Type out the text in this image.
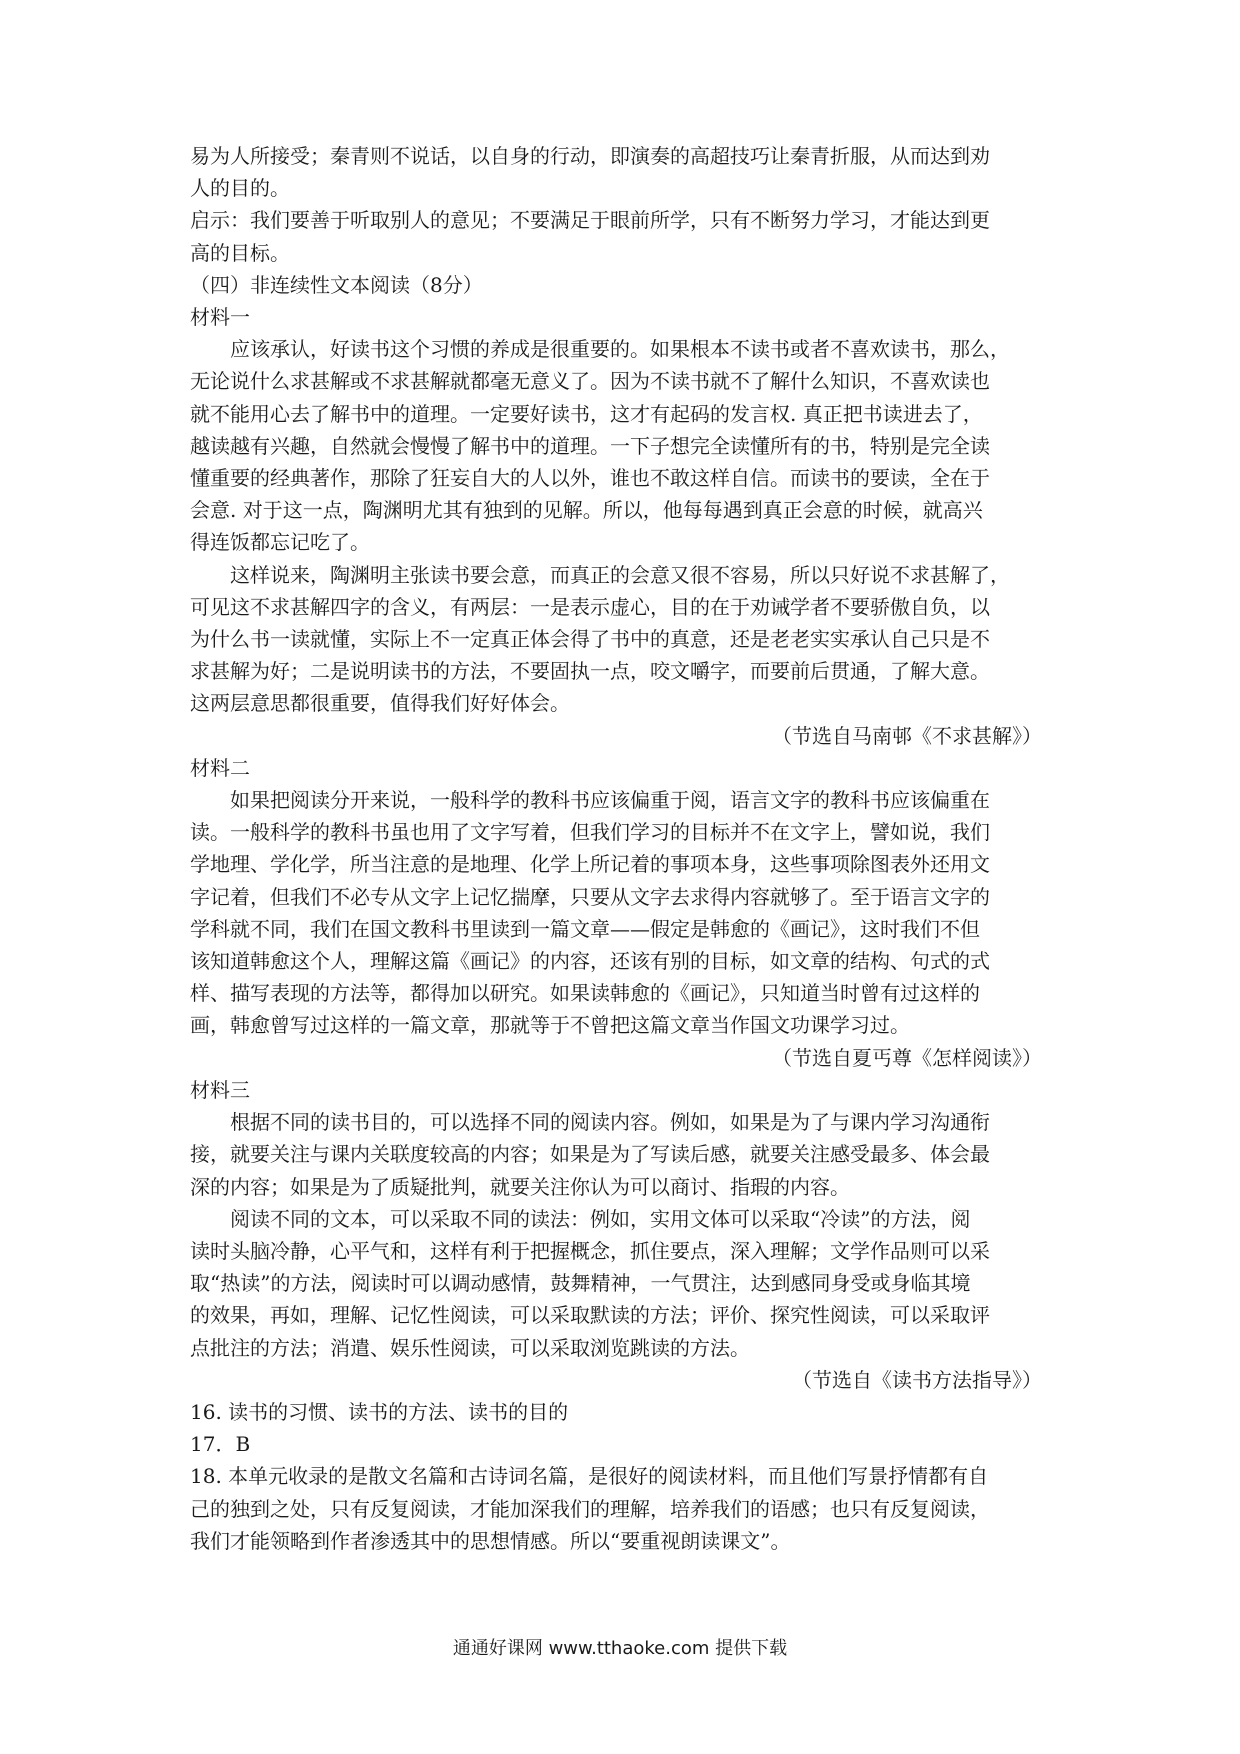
易为人所接受；秦青则不说话，以自身的行动，即演奏的高超技巧让秦青折服，从而达到劝

人的目的。

启示：我们要善于听取别人的意见；不要满足于眼前所学，只有不断努力学习，才能达到更

高的目标。

（四）非连续性文本阅读（8分）

材料一

应该承认，好读书这个习惯的养成是很重要的。如果根本不读书或者不喜欢读书，那么，

无论说什么求甚解或不求甚解就都毫无意义了。因为不读书就不了解什么知识，不喜欢读也

就不能用心去了解书中的道理。一定要好读书，这才有起码的发言权. 真正把书读进去了，

越读越有兴趣，自然就会慢慢了解书中的道理。一下子想完全读懂所有的书，特别是完全读

懂重要的经典著作，那除了狂妄自大的人以外，谁也不敢这样自信。而读书的要读，全在于

会意. 对于这一点，陶渊明尤其有独到的见解。所以，他每每遇到真正会意的时候，就高兴

得连饭都忘记吃了。

这样说来，陶渊明主张读书要会意，而真正的会意又很不容易，所以只好说不求甚解了，

可见这不求甚解四字的含义，有两层：一是表示虚心，目的在于劝诫学者不要骄傲自负，以

为什么书一读就懂，实际上不一定真正体会得了书中的真意，还是老老实实承认自己只是不

求甚解为好；二是说明读书的方法，不要固执一点，咬文嚼字，而要前后贯通，了解大意。

这两层意思都很重要，值得我们好好体会。

（节选自马南邨《不求甚解》）

材料二

如果把阅读分开来说，一般科学的教科书应该偏重于阅，语言文字的教科书应该偏重在

读。一般科学的教科书虽也用了文字写着，但我们学习的目标并不在文字上，譬如说，我们

学地理、学化学，所当注意的是地理、化学上所记着的事项本身，这些事项除图表外还用文

字记着，但我们不必专从文字上记忆揣摩，只要从文字去求得内容就够了。至于语言文字的

学科就不同，我们在国文教科书里读到一篇文章——假定是韩愈的《画记》，这时我们不但

该知道韩愈这个人，理解这篇《画记》的内容，还该有别的目标，如文章的结构、句式的式

样、描写表现的方法等，都得加以研究。如果读韩愈的《画记》，只知道当时曾有过这样的

画，韩愈曾写过这样的一篇文章，那就等于不曾把这篇文章当作国文功课学习过。

（节选自夏丐尊《怎样阅读》）

材料三

根据不同的读书目的，可以选择不同的阅读内容。例如，如果是为了与课内学习沟通衔

接，就要关注与课内关联度较高的内容；如果是为了写读后感，就要关注感受最多、体会最

深的内容；如果是为了质疑批判，就要关注你认为可以商讨、指瑕的内容。

阅读不同的文本，可以采取不同的读法：例如，实用文体可以采取“冷读”的方法，阅

读时头脑冷静，心平气和，这样有利于把握概念，抓住要点，深入理解；文学作品则可以采

取“热读”的方法，阅读时可以调动感情，鼓舞精神，一气贯注，达到感同身受或身临其境

的效果，再如，理解、记忆性阅读，可以采取默读的方法；评价、探究性阅读，可以采取评

点批注的方法；消遣、娱乐性阅读，可以采取浏览跳读的方法。

（节选自《读书方法指导》）

16. 读书的习惯、读书的方法、读书的目的

17．B

18. 本单元收录的是散文名篇和古诗词名篇，是很好的阅读材料，而且他们写景抒情都有自

己的独到之处，只有反复阅读，才能加深我们的理解，培养我们的语感；也只有反复阅读，

我们才能领略到作者渗透其中的思想情感。所以“要重视朗读课文”。

通通好课网 www.tthaoke.com 提供下载
